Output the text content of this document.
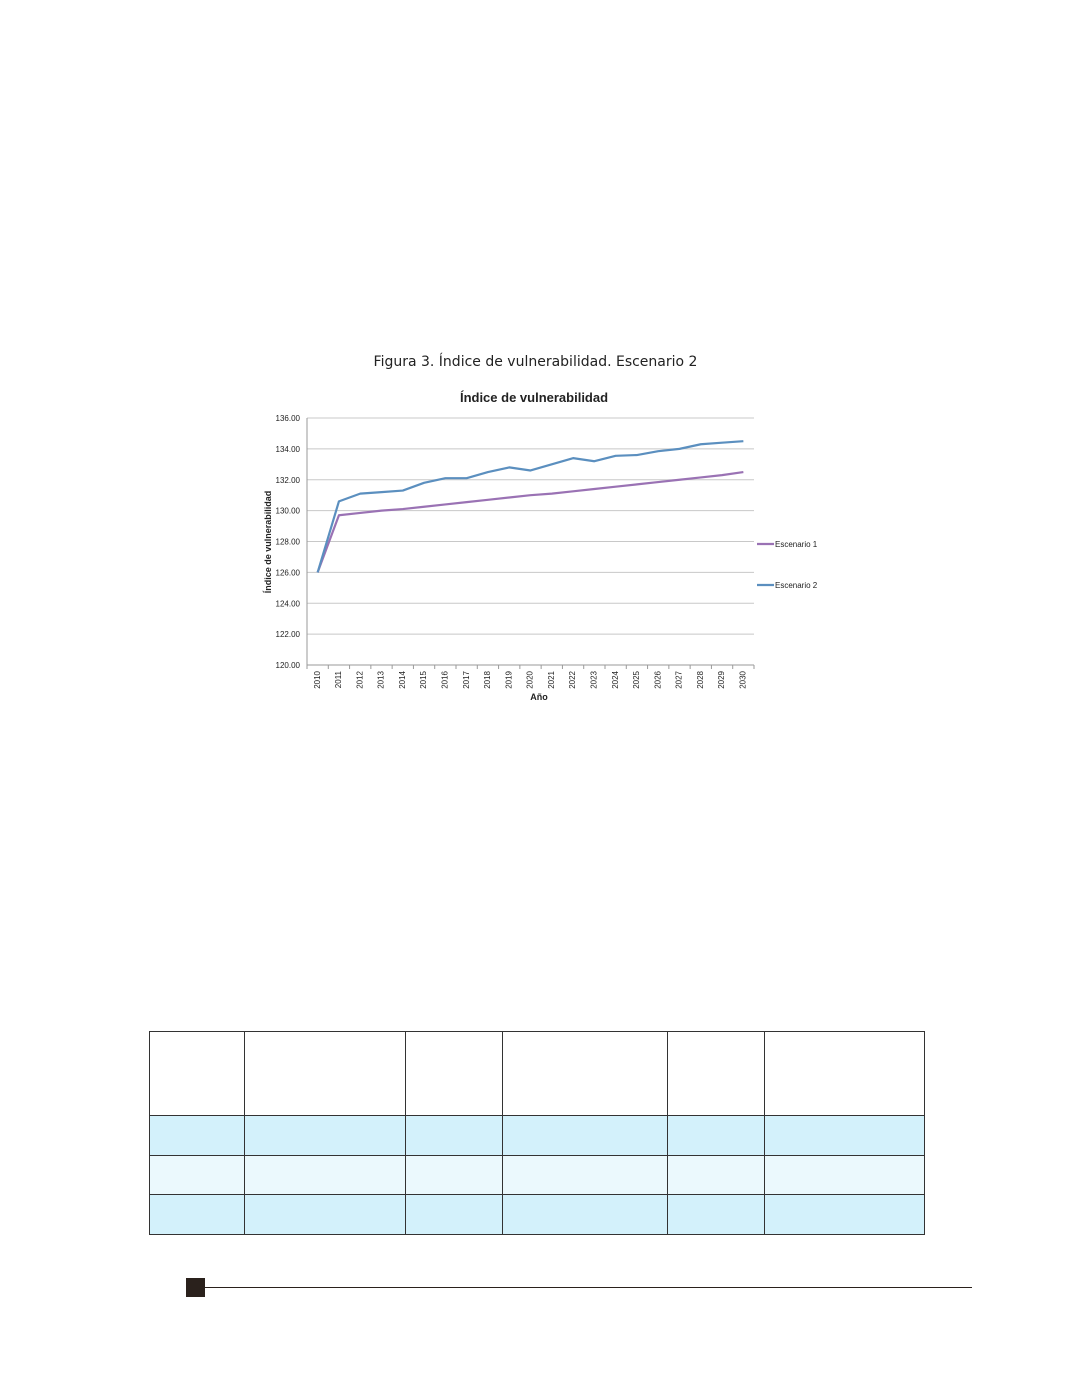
Figura 3. Índice de vulnerabilidad. Escenario 2
Índice de vulnerabilidad
120.00
122.00
124.00
126.00
128.00
130.00
132.00
134.00
136.00
2010 2011 2012 2013 2014 2015 2016 2017 2018 2019 2020 2021 2022 2023 2024 2025 2026 2027 2028 2029 2030
Escenario 1
Escenario 2
Año
Índice de vulnerabilidad
